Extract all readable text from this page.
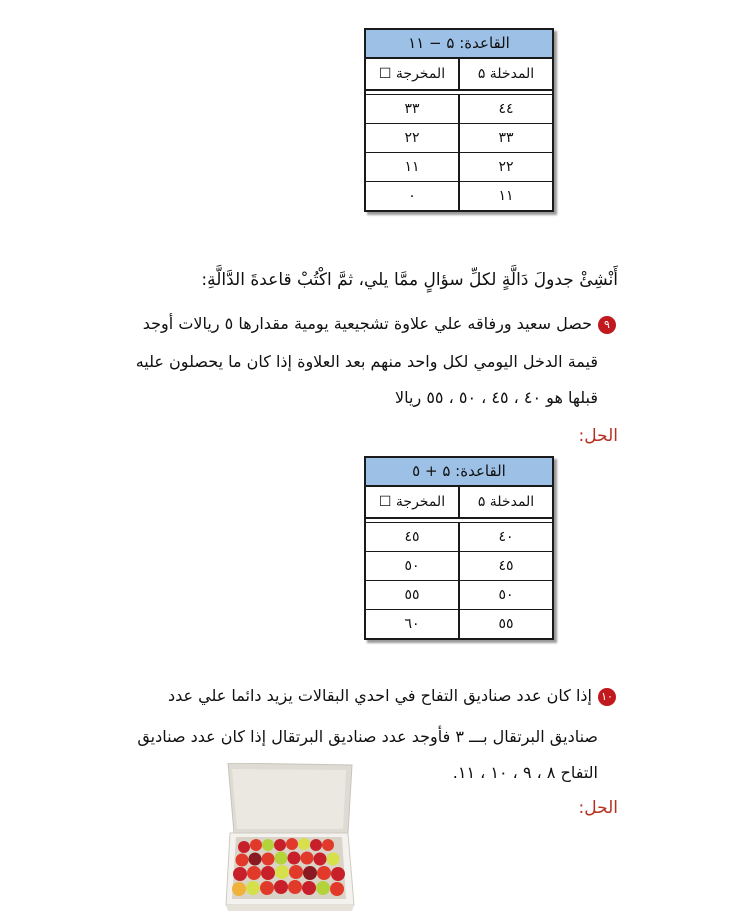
القاعدة: ۵ − ۱۱
المدخلة ۵
المخرجة ☐
٤٤
٣٣
٣٣
٢٢
٢٢
١١
١١
٠
أَنْشِئْ جدولَ دَالَّةٍ لكلِّ سؤالٍ ممَّا يلي، ثمَّ اكْتُبْ قاعدةَ الدَّالَّةِ:
٩حصل سعيد ورفاقه علي علاوة تشجيعية يومية مقدارها ٥ ريالات أوجد
قيمة الدخل اليومي لكل واحد منهم بعد العلاوة إذا كان ما يحصلون عليه
قبلها هو ٤٠ ، ٤٥ ، ٥٠ ، ٥٥ ريالا
الحل:
القاعدة: ۵ + ٥
المدخلة ۵
المخرجة ☐
٤٠
٤٥
٤٥
٥٠
٥٠
٥٥
٥٥
٦٠
١٠إذا كان عدد صناديق التفاح في احدي البقالات يزيد دائما علي عدد
صناديق البرتقال بـــ ٣ فأوجد عدد صناديق البرتقال إذا كان عدد صناديق
التفاح ٨ ، ٩ ، ١٠ ، ١١.
الحل:
